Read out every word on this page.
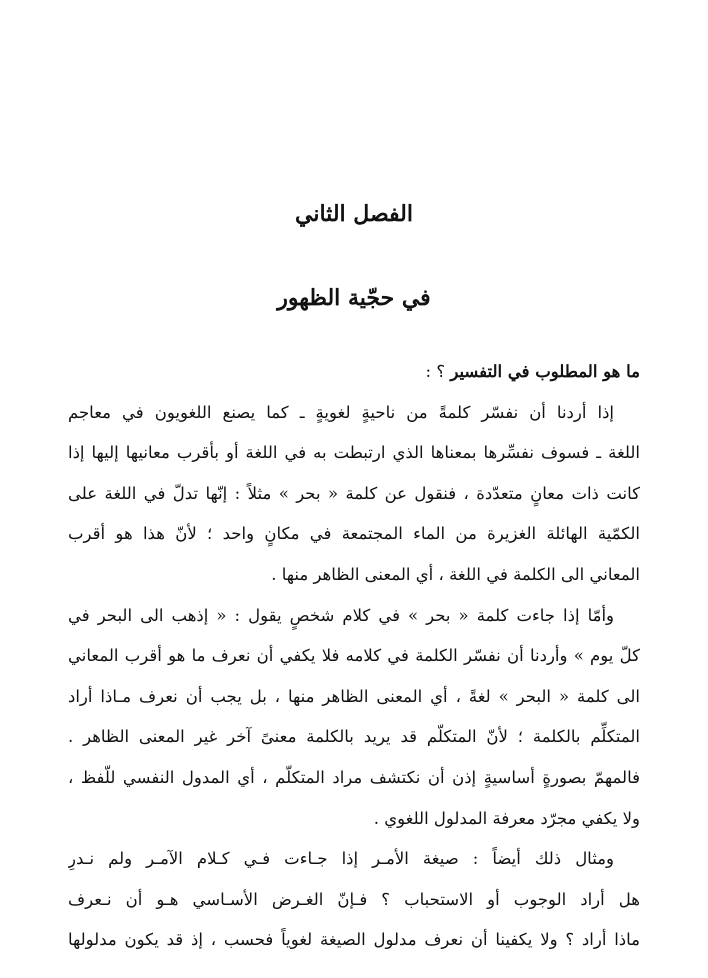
الفصل الثاني
في حجّية الظهور
ما هو المطلوب في التفسير ؟ :
إذا أردنا أن نفسّر كلمةً من ناحيةٍ لغويةٍ ـ كما يصنع اللغويون في معاجم
اللغة ـ فسوف نفسِّرها بمعناها الذي ارتبطت به في اللغة أو بأقرب معانيها إليها إذا
كانت ذات معانٍ متعدّدة ، فنقول عن كلمة « بحر » مثلاً : إنّها تدلّ في اللغة على
الكمّية الهائلة الغزيرة من الماء المجتمعة في مكانٍ واحد ؛ لأنّ هذا هو أقرب
المعاني الى الكلمة في اللغة ، أي المعنى الظاهر منها .
وأمّا إذا جاءت كلمة « بحر » في كلام شخصٍ يقول : « إذهب الى البحر في
كلّ يوم » وأردنا أن نفسّر الكلمة في كلامه فلا يكفي أن نعرف ما هو أقرب المعاني
الى كلمة « البحر » لغةً ، أي المعنى الظاهر منها ، بل يجب أن نعرف مـاذا أراد
المتكلِّم بالكلمة ؛ لأنّ المتكلّم قد يريد بالكلمة معنىً آخر غير المعنى الظاهر .
فالمهمّ بصورةٍ أساسيةٍ إذن أن نكتشف مراد المتكلّم ، أي المدول النفسي للّفظ ،
ولا يكفي مجرّد معرفة المدلول اللغوي .
ومثال ذلك أيضاً : صيغة الأمـر إذا جـاءت فـي كـلام الآمـر ولم نـدرِ
هل أراد الوجوب أو الاستحباب ؟ فـإنّ الغـرض الأسـاسي هـو أن نـعرف
ماذا أراد ؟ ولا يكفينا أن نعرف مدلول الصيغة لغوياً فحسب ، إذ قد يكون مدلولها
